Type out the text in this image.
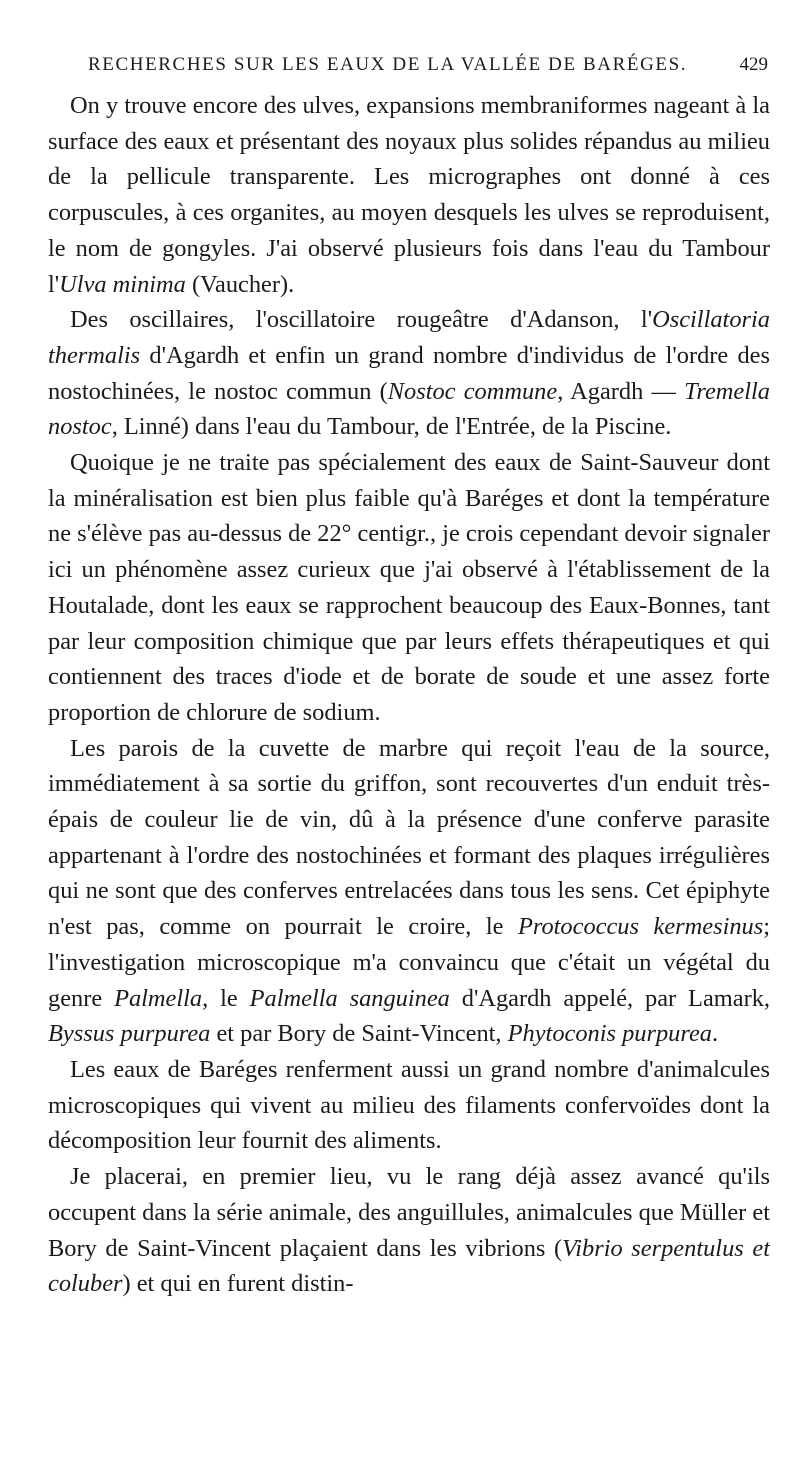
RECHERCHES SUR LES EAUX DE LA VALLÉE DE BARÉGES.	429

On y trouve encore des ulves, expansions membraniformes nageant à la surface des eaux et présentant des noyaux plus solides répandus au milieu de la pellicule transparente. Les micrographes ont donné à ces corpuscules, à ces organites, au moyen desquels les ulves se reproduisent, le nom de gongyles. J'ai observé plusieurs fois dans l'eau du Tambour l'Ulva minima (Vaucher).

Des oscillaires, l'oscillatoire rougeâtre d'Adanson, l'Oscillatoria thermalis d'Agardh et enfin un grand nombre d'individus de l'ordre des nostochinées, le nostoc commun (Nostoc commune, Agardh — Tremella nostoc, Linné) dans l'eau du Tambour, de l'Entrée, de la Piscine.

Quoique je ne traite pas spécialement des eaux de Saint-Sauveur dont la minéralisation est bien plus faible qu'à Baréges et dont la température ne s'élève pas au-dessus de 22° centigr., je crois cependant devoir signaler ici un phénomène assez curieux que j'ai observé à l'établissement de la Houtalade, dont les eaux se rapprochent beaucoup des Eaux-Bonnes, tant par leur composition chimique que par leurs effets thérapeutiques et qui contiennent des traces d'iode et de borate de soude et une assez forte proportion de chlorure de sodium.

Les parois de la cuvette de marbre qui reçoit l'eau de la source, immédiatement à sa sortie du griffon, sont recouvertes d'un enduit très-épais de couleur lie de vin, dû à la présence d'une conferve parasite appartenant à l'ordre des nostochinées et formant des plaques irrégulières qui ne sont que des conferves entrelacées dans tous les sens. Cet épiphyte n'est pas, comme on pourrait le croire, le Protococcus kermesinus; l'investigation microscopique m'a convaincu que c'était un végétal du genre Palmella, le Palmella sanguinea d'Agardh appelé, par Lamark, Byssus purpurea et par Bory de Saint-Vincent, Phytoconis purpurea.

Les eaux de Baréges renferment aussi un grand nombre d'animalcules microscopiques qui vivent au milieu des filaments confervoïdes dont la décomposition leur fournit des aliments.

Je placerai, en premier lieu, vu le rang déjà assez avancé qu'ils occupent dans la série animale, des anguillules, animalcules que Müller et Bory de Saint-Vincent plaçaient dans les vibrions (Vibrio serpentulus et coluber) et qui en furent distin-
